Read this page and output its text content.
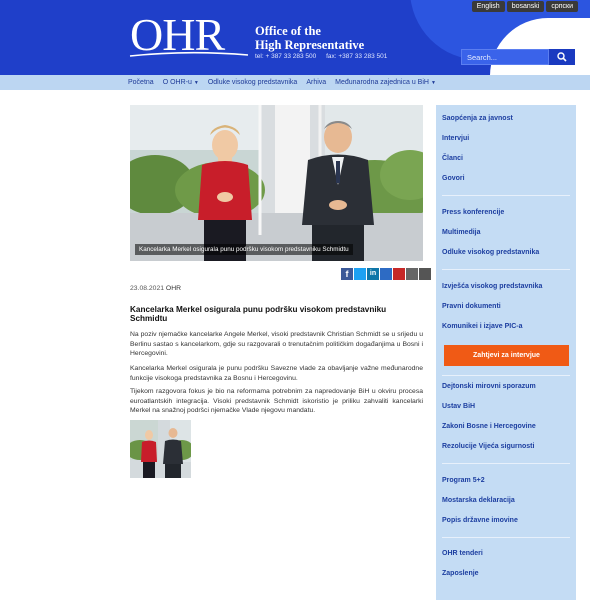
OHR Office of the
High Representative
tel: + 387 33 283 500 fax: +387 33 283 501
English	bosanski	српски
Search...
Početna O OHR-u ▼ Odluke visokog predstavnika Arhiva Međunarodna zajednica u BiH ▼
Kancelarka Merkel osigurala punu podršku visokom predstavniku Schmidtu
f	in
23.08.2021 OHR
Kancelarka Merkel osigurala punu podršku visokom predstavniku Schmidtu
Na poziv njemačke kancelarke Angele Merkel, visoki predstavnik Christian Schmidt se u srijedu u Berlinu sastao s kancelarkom, gdje su razgovarali o trenutačnim političkim događanjima u Bosni i Hercegovini.
Kancelarka Merkel osigurala je punu podršku Savezne vlade za obavljanje važne međunarodne funkcije visokoga predstavnika za Bosnu i Hercegovinu.
Tijekom razgovora fokus je bio na reformama potrebnim za napredovanje BiH u okviru procesa euroatlantskih integracija. Visoki predstavnik Schmidt iskoristio je priliku zahvaliti kancelarki Merkel na snažnoj podršci njemačke Vlade njegovu mandatu.
Saopćenja za javnost
Intervjui
Članci
Govori
Press konferencije
Multimedija
Odluke visokog predstavnika
Izvješća visokog predstavnika
Pravni dokumenti
Komunikeі i izjave PIC-a
Zahtjevi za intervjue
Dejtonski mirovni sporazum
Ustav BiH
Zakoni Bosne i Hercegovine
Rezolucije Vijeća sigurnosti
Program 5+2
Mostarska deklaracija
Popis državne imovine
OHR tenderi
Zaposlenje
